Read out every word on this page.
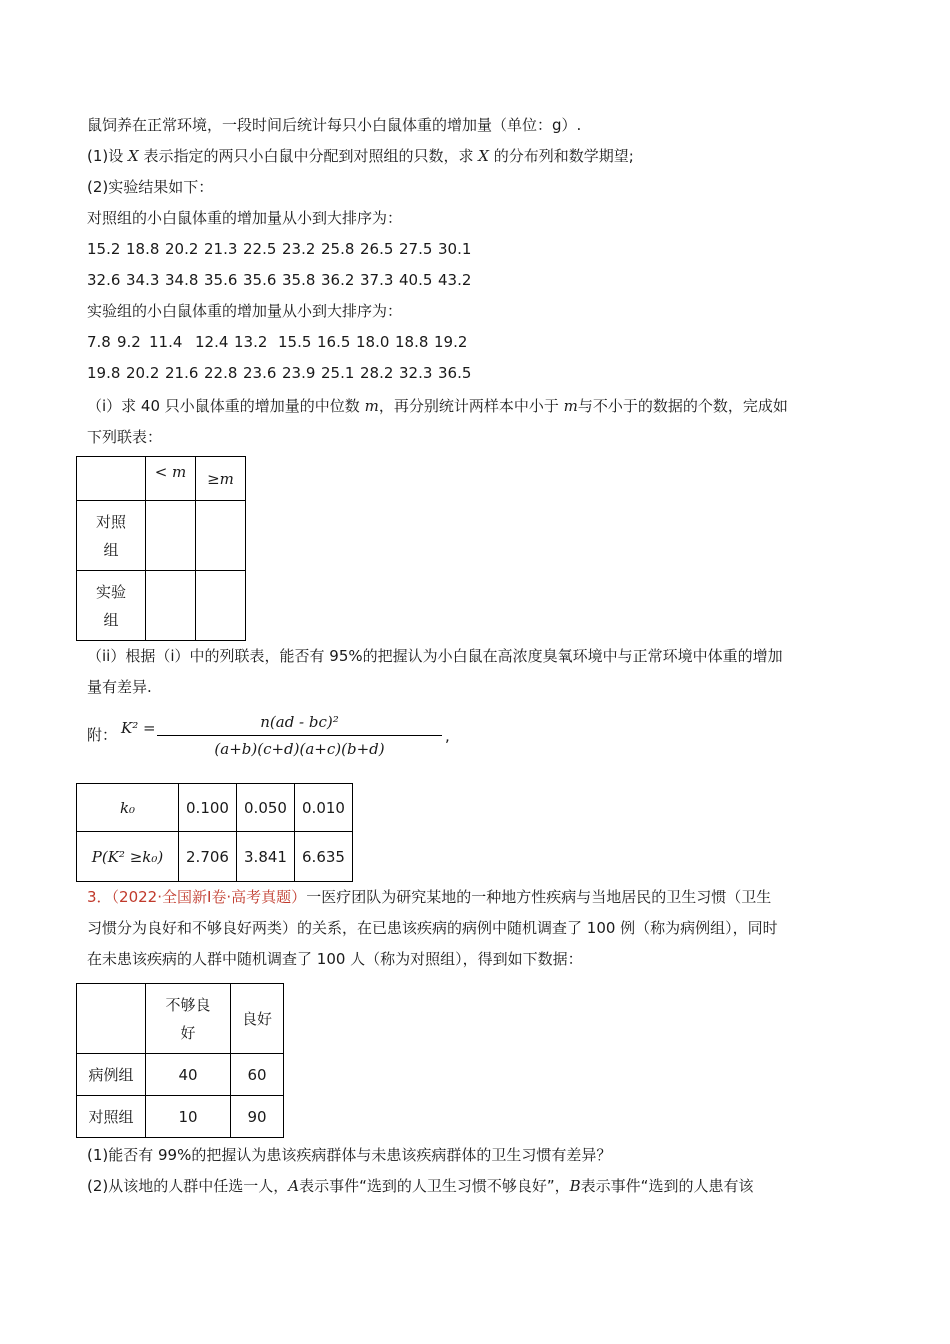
鼠饲养在正常环境，一段时间后统计每只小白鼠体重的增加量（单位：g）.
(1)设 X 表示指定的两只小白鼠中分配到对照组的只数，求 X 的分布列和数学期望;
(2)实验结果如下：
对照组的小白鼠体重的增加量从小到大排序为：
15.2 18.8 20.2 21.3 22.5 23.2 25.8 26.5 27.5 30.1
32.6 34.3 34.8 35.6 35.6 35.8 36.2 37.3 40.5 43.2
实验组的小白鼠体重的增加量从小到大排序为：
7.8 9.2 11.4 12.4 13.2 15.5 16.5 18.0 18.8 19.2
19.8 20.2 21.6 22.8 23.6 23.9 25.1 28.2 32.3 36.5
（i）求 40 只小鼠体重的增加量的中位数 m，再分别统计两样本中小于 m与不小于的数据的个数，完成如
下列联表：
	< m	≥m

对照
组		

实验
组		

（ii）根据（i）中的列联表，能否有 95%的把握认为小白鼠在高浓度臭氧环境中与正常环境中体重的增加
量有差异.
附： K² =	n(ad - bc)²
(a+b)(c+d)(a+c)(b+d)
,
k₀	0.100	0.050	0.010
P(K² ≥k₀)	2.706	3.841	6.635
3．（2022·全国新Ⅰ卷·高考真题）一医疗团队为研究某地的一种地方性疾病与当地居民的卫生习惯（卫生
习惯分为良好和不够良好两类）的关系，在已患该疾病的病例中随机调查了 100 例（称为病例组），同时
在未患该疾病的人群中随机调查了 100 人（称为对照组），得到如下数据：

	不够良
好	良好
病例组	40	60
对照组	10	90
(1)能否有 99%的把握认为患该疾病群体与未患该疾病群体的卫生习惯有差异？
(2)从该地的人群中任选一人，A表示事件“选到的人卫生习惯不够良好”，B表示事件“选到的人患有该
